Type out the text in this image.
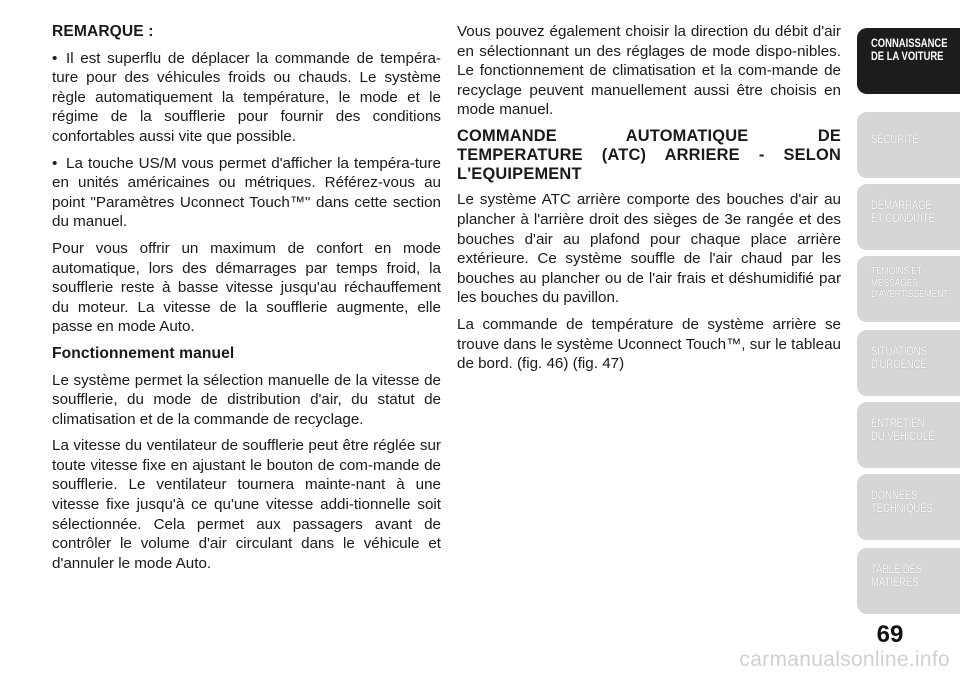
REMARQUE :

• Il est superflu de déplacer la commande de tempéra-ture pour des véhicules froids ou chauds. Le système règle automatiquement la température, le mode et le régime de la soufflerie pour fournir des conditions confortables aussi vite que possible.

• La touche US/M vous permet d'afficher la tempéra-ture en unités américaines ou métriques. Référez-vous au point "Paramètres Uconnect Touch™" dans cette section du manuel.

Pour vous offrir un maximum de confort en mode automatique, lors des démarrages par temps froid, la soufflerie reste à basse vitesse jusqu'au réchauffement du moteur. La vitesse de la soufflerie augmente, elle passe en mode Auto.

Fonctionnement manuel

Le système permet la sélection manuelle de la vitesse de soufflerie, du mode de distribution d'air, du statut de climatisation et de la commande de recyclage.

La vitesse du ventilateur de soufflerie peut être réglée sur toute vitesse fixe en ajustant le bouton de com-mande de soufflerie. Le ventilateur tournera mainte-nant à une vitesse fixe jusqu'à ce qu'une vitesse addi-tionnelle soit sélectionnée. Cela permet aux passagers avant de contrôler le volume d'air circulant dans le véhicule et d'annuler le mode Auto.

Vous pouvez également choisir la direction du débit d'air en sélectionnant un des réglages de mode dispo-nibles. Le fonctionnement de climatisation et la com-mande de recyclage peuvent manuellement aussi être choisis en mode manuel.

COMMANDE AUTOMATIQUE DE TEMPERATURE (ATC) ARRIERE - SELON L'EQUIPEMENT

Le système ATC arrière comporte des bouches d'air au plancher à l'arrière droit des sièges de 3e rangée et des bouches d'air au plafond pour chaque place arrière extérieure. Ce système souffle de l'air chaud par les bouches au plancher ou de l'air frais et déshumidifié par les bouches du pavillon.

La commande de température de système arrière se trouve dans le système Uconnect Touch™, sur le tableau de bord. (fig. 46) (fig. 47)

CONNAISSANCE
DE LA VOITURE
SÉCURITÉ
DÉMARRAGE
ET CONDUITE
TEMOINS ET
MESSAGES
D'AVERTISSEMENT
SITUATIONS
D'URGENCE
ENTRETIEN
DU VEHICULE
DONNÉES
TECHNIQUES
TABLE DES
MATIÈRES
69
carmanualsonline.info
